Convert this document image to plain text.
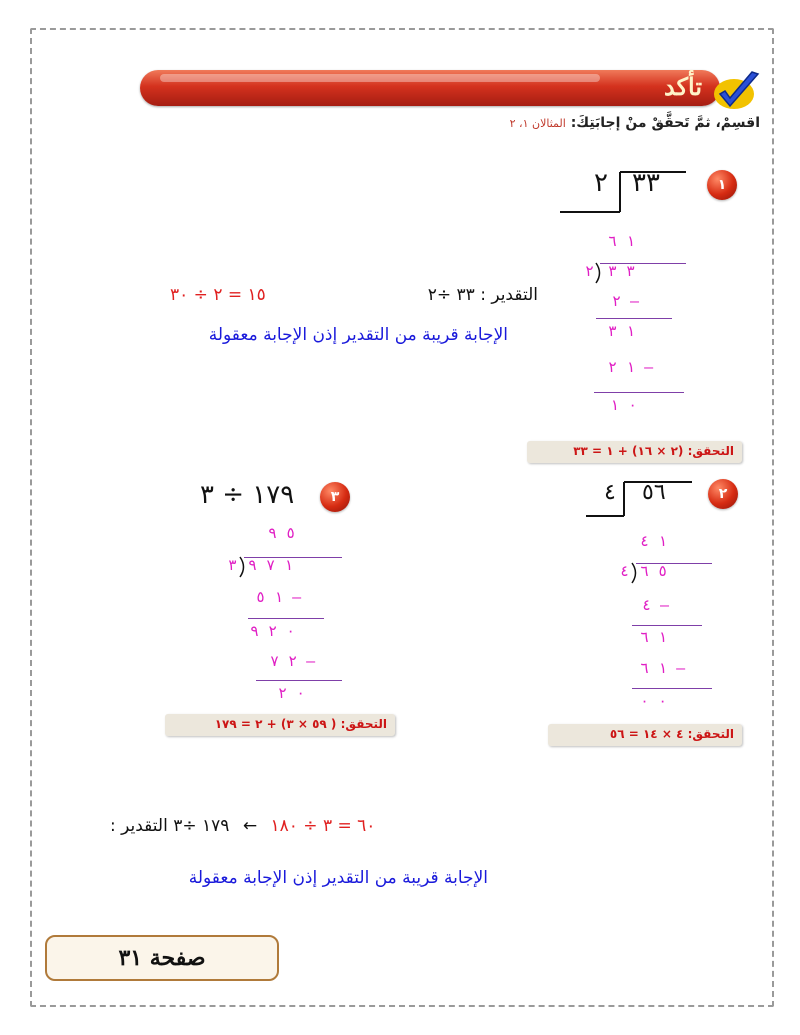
تأكد
اقسِمْ، ثمَّ تَحقَّقْ منْ إجابَتِكَ: المثالان ١، ٢
١
٣٣
٢
١ ٦
٢ ٣ ٣
٢ –
١ ٣
١ ٢ –
٠ ١
التقدير : ٣٣ ÷٢
١٥ = ٢ ÷ ٣٠
الإجابة قريبة من التقدير إذن الإجابة معقولة
التحقق: (٢ × ١٦) + ١ = ٣٣
٢
٥٦
٤
١ ٤
٤ ٥ ٦
٤ –
١ ٦
١ ٦ –
٠ ٠
التحقق: ٤ × ١٤ = ٥٦
٣
١٧٩ ÷ ٣
٥ ٩
٣ ١ ٧ ٩
١ ٥ –
٠ ٢ ٩
٢ ٧ –
٠ ٢
التحقق: ( ٥٩ × ٣) + ٢ = ١٧٩
٦٠ = ٣ ÷ ١٨٠ ← ١٧٩ ÷٣ التقدير :
الإجابة قريبة من التقدير إذن الإجابة معقولة
صفحة ٣١
